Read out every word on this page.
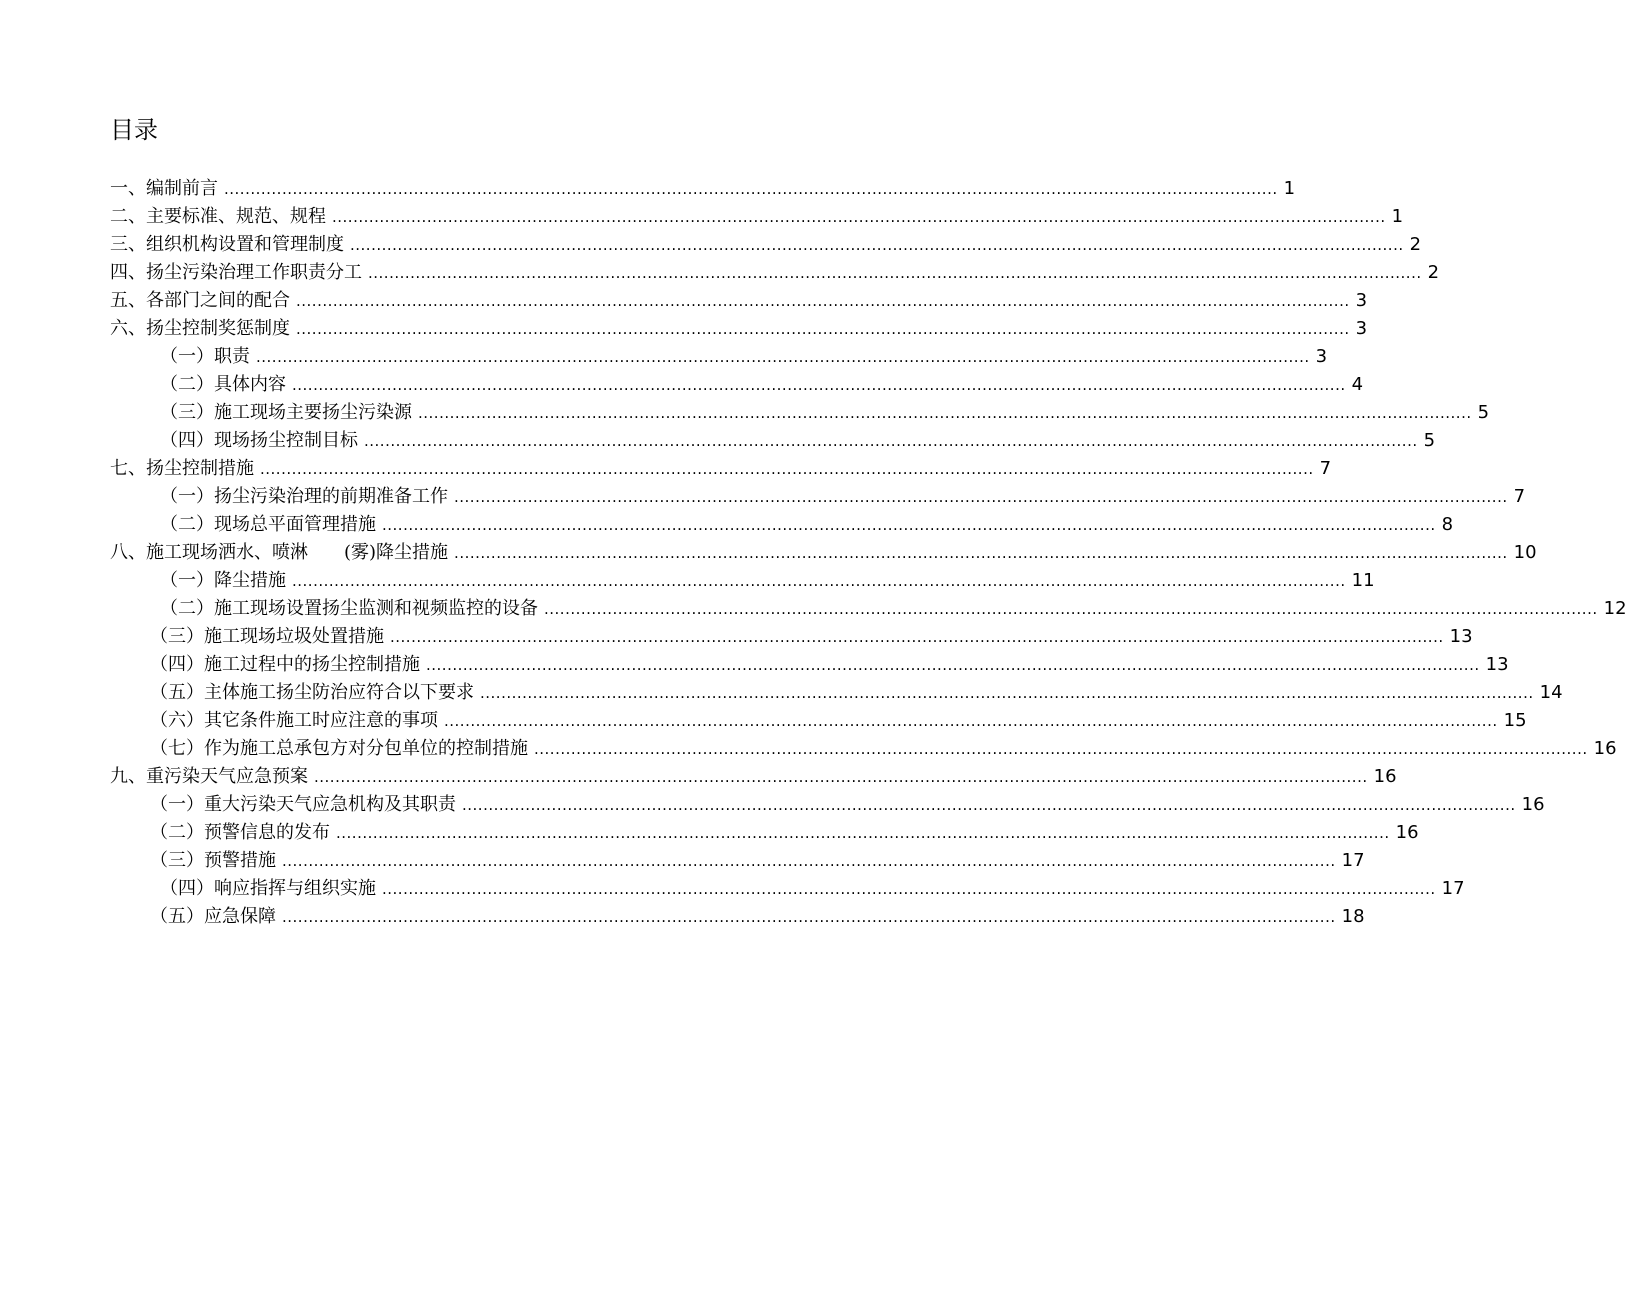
目录
一、编制前言 ........................................................................................................................................................................................................ 1
二、主要标准、规范、规程 ........................................................................................................................................................................................................ 1
三、组织机构设置和管理制度 ........................................................................................................................................................................................................ 2
四、扬尘污染治理工作职责分工 ........................................................................................................................................................................................................ 2
五、各部门之间的配合 ........................................................................................................................................................................................................ 3
六、扬尘控制奖惩制度 ........................................................................................................................................................................................................ 3
（一）职责 ........................................................................................................................................................................................................ 3
（二）具体内容 ........................................................................................................................................................................................................ 4
（三）施工现场主要扬尘污染源 ........................................................................................................................................................................................................ 5
（四）现场扬尘控制目标 ........................................................................................................................................................................................................ 5
七、扬尘控制措施 ........................................................................................................................................................................................................ 7
（一）扬尘污染治理的前期准备工作 ........................................................................................................................................................................................................ 7
（二）现场总平面管理措施 ........................................................................................................................................................................................................ 8
八、施工现场洒水、喷淋　　(雾)降尘措施 ........................................................................................................................................................................................................ 10
（一）降尘措施 ........................................................................................................................................................................................................ 11
（二）施工现场设置扬尘监测和视频监控的设备 ........................................................................................................................................................................................................ 12
（三）施工现场垃圾处置措施 ........................................................................................................................................................................................................ 13
（四）施工过程中的扬尘控制措施 ........................................................................................................................................................................................................ 13
（五）主体施工扬尘防治应符合以下要求 ........................................................................................................................................................................................................ 14
（六）其它条件施工时应注意的事项 ........................................................................................................................................................................................................ 15
（七）作为施工总承包方对分包单位的控制措施 ........................................................................................................................................................................................................ 16
九、重污染天气应急预案 ........................................................................................................................................................................................................ 16
（一）重大污染天气应急机构及其职责 ........................................................................................................................................................................................................ 16
（二）预警信息的发布 ........................................................................................................................................................................................................ 16
（三）预警措施 ........................................................................................................................................................................................................ 17
（四）响应指挥与组织实施 ........................................................................................................................................................................................................ 17
（五）应急保障 ........................................................................................................................................................................................................ 18
